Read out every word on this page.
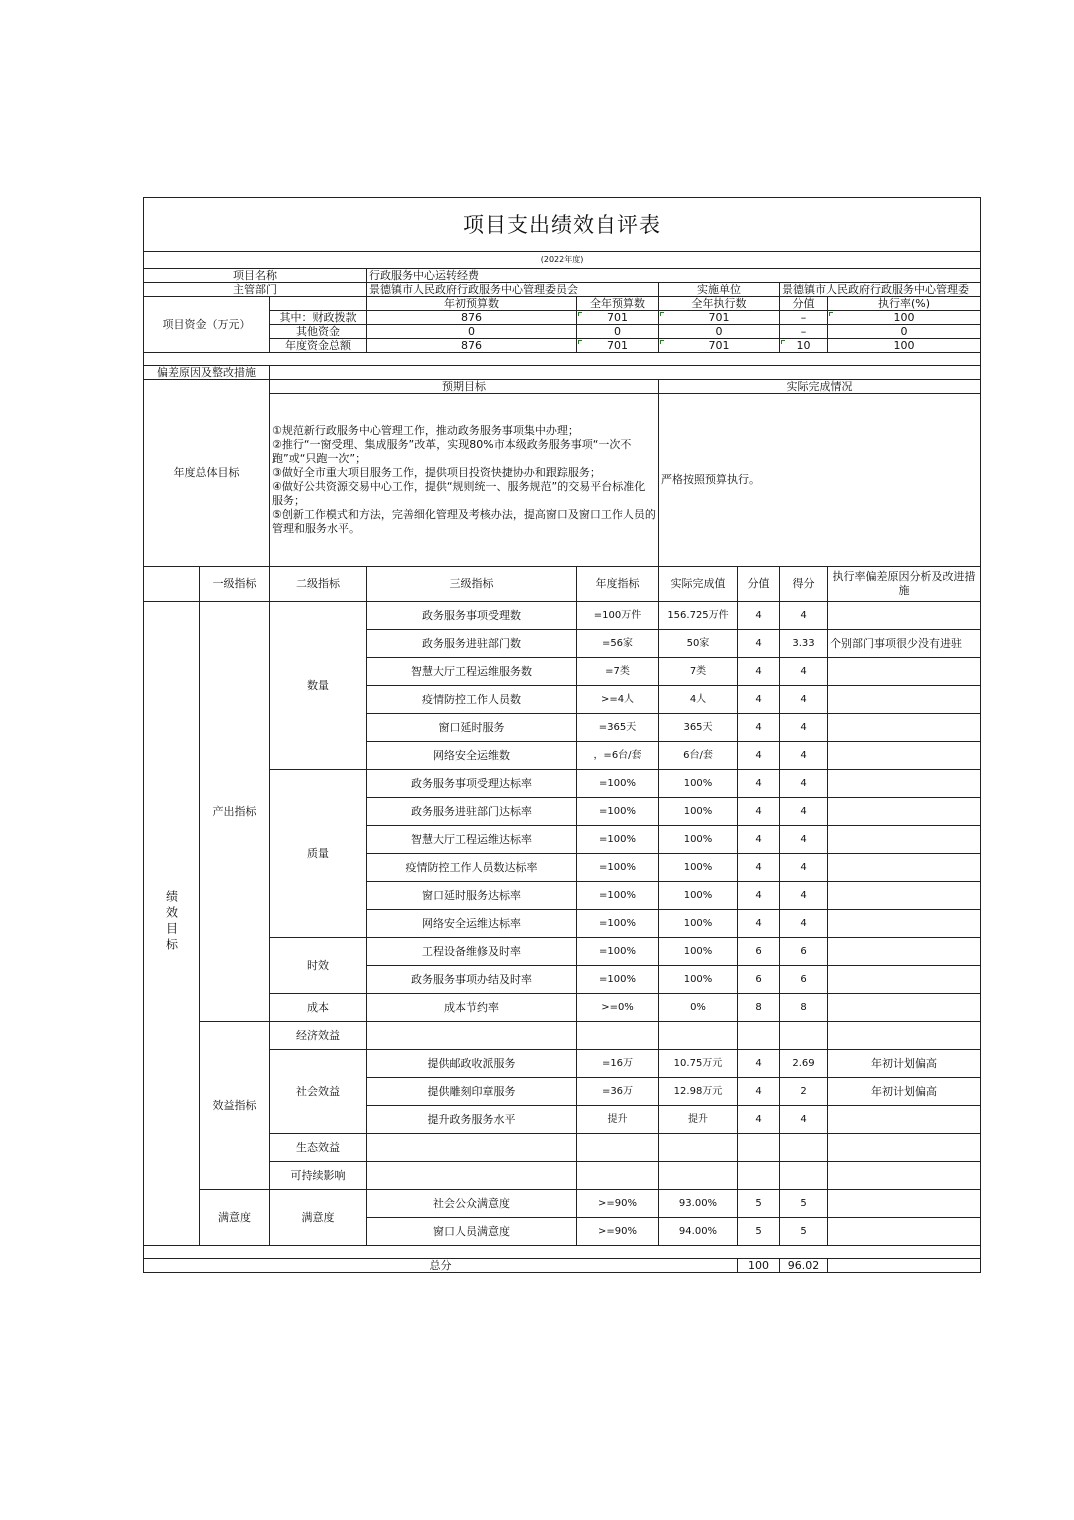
项目支出绩效自评表								
(2022年度)								
项目名称			行政服务中心运转经费					
主管部门			景德镇市人民政府行政服务中心管理委员会		实施单位		景德镇市人民政府行政服务中心管理委	
项目资金（万元）			年初预算数	全年预算数	全年执行数		分值	执行率(%)
		其中：财政拨款	876	701	701		–	100
		其他资金	0	0	0		–	0
		年度资金总额	876	701	701		10	100

偏差原因及整改措施								
年度总体目标		预期目标			实际完成情况			

		①规范新行政服务中心管理工作，推动政务服务事项集中办理；
②推行“一窗受理、集成服务”改革，实现80%市本级政务服务事项“一次不跑”或“只跑一次”；
③做好全市重大项目服务工作，提供项目投资快捷协办和跟踪服务；
④做好公共资源交易中心工作，提供“规则统一、服务规范”的交易平台标准化服务；
⑤创新工作模式和方法，完善细化管理及考核办法，提高窗口及窗口工作人员的管理和服务水平。			严格按照预算执行。			
	一级指标	二级指标	三级指标	年度指标	实际完成值	分值	得分	执行率偏差原因分析及改进措施
绩效目标	产出指标	数量	政务服务事项受理数	=100万件	156.725万件	4	4	
			政务服务进驻部门数	=56家	50家	4	3.33	个别部门事项很少没有进驻
			智慧大厅工程运维服务数	=7类	7类	4	4	
			疫情防控工作人员数	>=4人	4人	4	4	
			窗口延时服务	=365天	365天	4	4	
			网络安全运维数	，=6台/套	6台/套	4	4	
		质量	政务服务事项受理达标率	=100%	100%	4	4	
			政务服务进驻部门达标率	=100%	100%	4	4	
			智慧大厅工程运维达标率	=100%	100%	4	4	
			疫情防控工作人员数达标率	=100%	100%	4	4	
			窗口延时服务达标率	=100%	100%	4	4	
			网络安全运维达标率	=100%	100%	4	4	
		时效	工程设备维修及时率	=100%	100%	6	6	
			政务服务事项办结及时率	=100%	100%	6	6	
		成本	成本节约率	>=0%	0%	8	8	
	效益指标	经济效益						
		社会效益	提供邮政收派服务	=16万	10.75万元	4	2.69	年初计划偏高
			提供雕刻印章服务	=36万	12.98万元	4	2	年初计划偏高
			提升政务服务水平	提升	提升	4	4	
		生态效益						
		可持续影响						
	满意度	满意度	社会公众满意度	>=90%	93.00%	5	5	
			窗口人员满意度	>=90%	94.00%	5	5	

总分						100	96.02	
